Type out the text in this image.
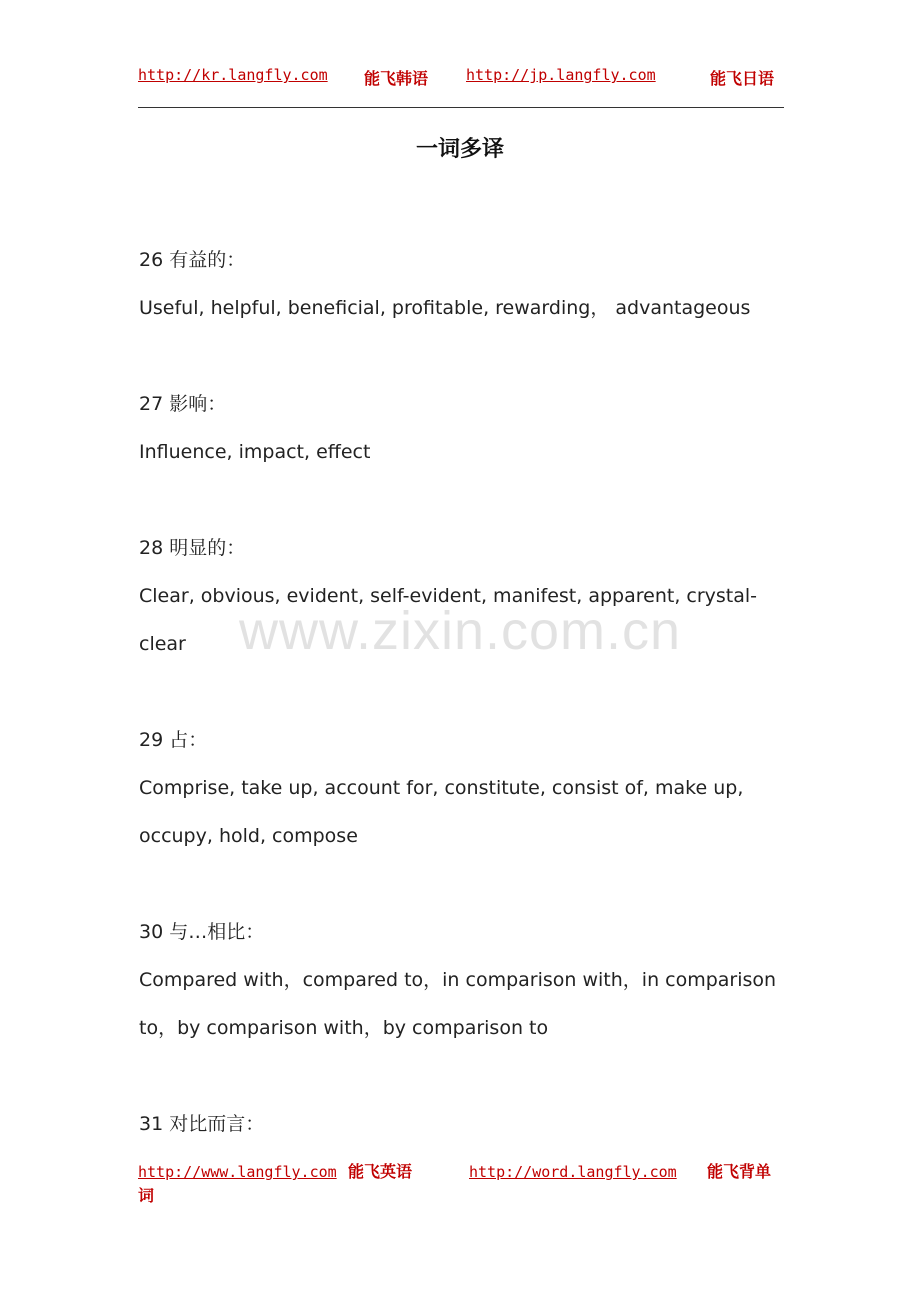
http://kr.langfly.com 能飞韩语	http://jp.langfly.com	能飞日语
一词多译
26 有益的：
Useful, helpful, beneficial, profitable, rewarding， advantageous
27 影响：
Influence, impact, effect
28 明显的：
Clear, obvious, evident, self-evident, manifest, apparent, crystal-clear
29 占：
Comprise, take up, account for, constitute, consist of, make up,
occupy, hold, compose
30 与…相比：
Compared with，compared to，in comparison with，in comparison
to，by comparison with，by comparison to
31 对比而言：
www.zixin.com.cn
http://www.langfly.com 能飞英语	http://word.langfly.com 能飞背单
词
